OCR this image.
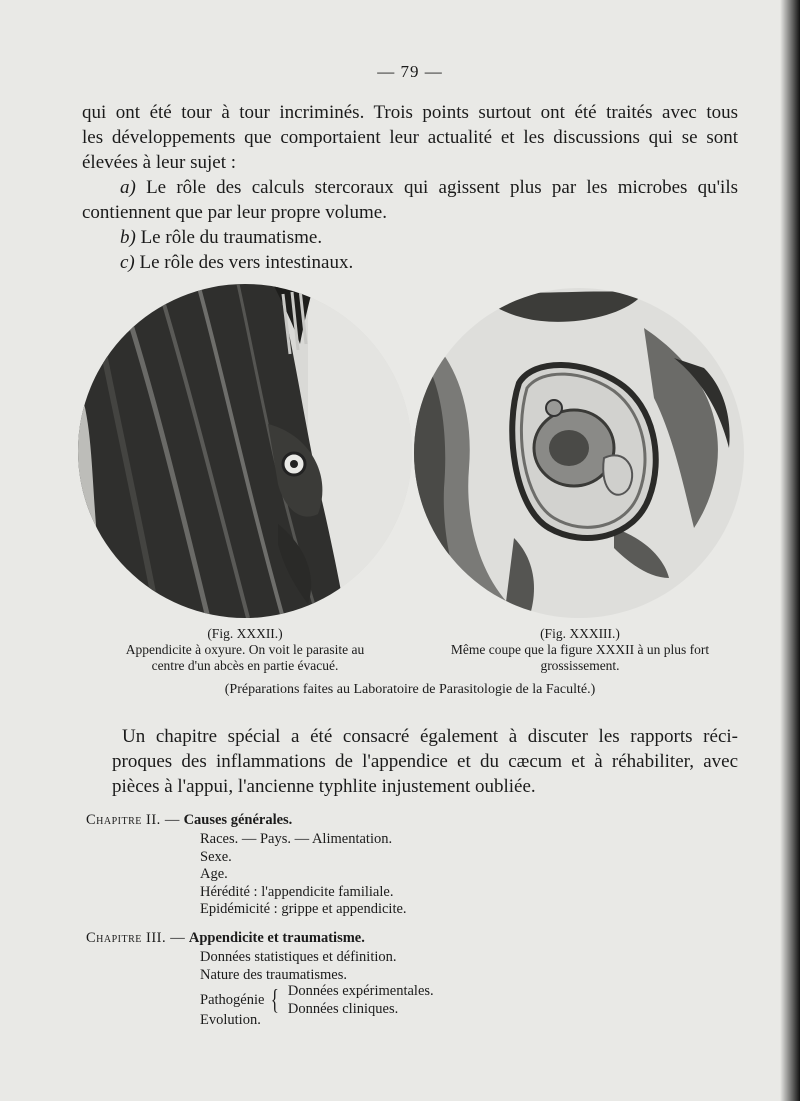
— 79 —
qui ont été tour à tour incriminés. Trois points surtout ont été traités avec tous
les développements que comportaient leur actualité et les discussions qui se sont
élevées à leur sujet :
a) Le rôle des calculs stercoraux qui agissent plus par les microbes qu'ils
contiennent que par leur propre volume.
b) Le rôle du traumatisme.
c) Le rôle des vers intestinaux.
(Fig. XXXII.)
Appendicite à oxyure. On voit le parasite au
centre d'un abcès en partie évacué.
(Fig. XXXIII.)
Même coupe que la figure XXXII à un plus fort
grossissement.
(Préparations faites au Laboratoire de Parasitologie de la Faculté.)
Un chapitre spécial a été consacré également à discuter les rapports réci-
proques des inflammations de l'appendice et du cæcum et à réhabiliter, avec
pièces à l'appui, l'ancienne typhlite injustement oubliée.
Chapitre II. — Causes générales.
Races. — Pays. — Alimentation.
Sexe.
Age.
Hérédité : l'appendicite familiale.
Epidémicité : grippe et appendicite.
Chapitre III. — Appendicite et traumatisme.
Données statistiques et définition.
Nature des traumatismes.
Pathogénie { Données expérimentales.
Données cliniques.
Evolution.
